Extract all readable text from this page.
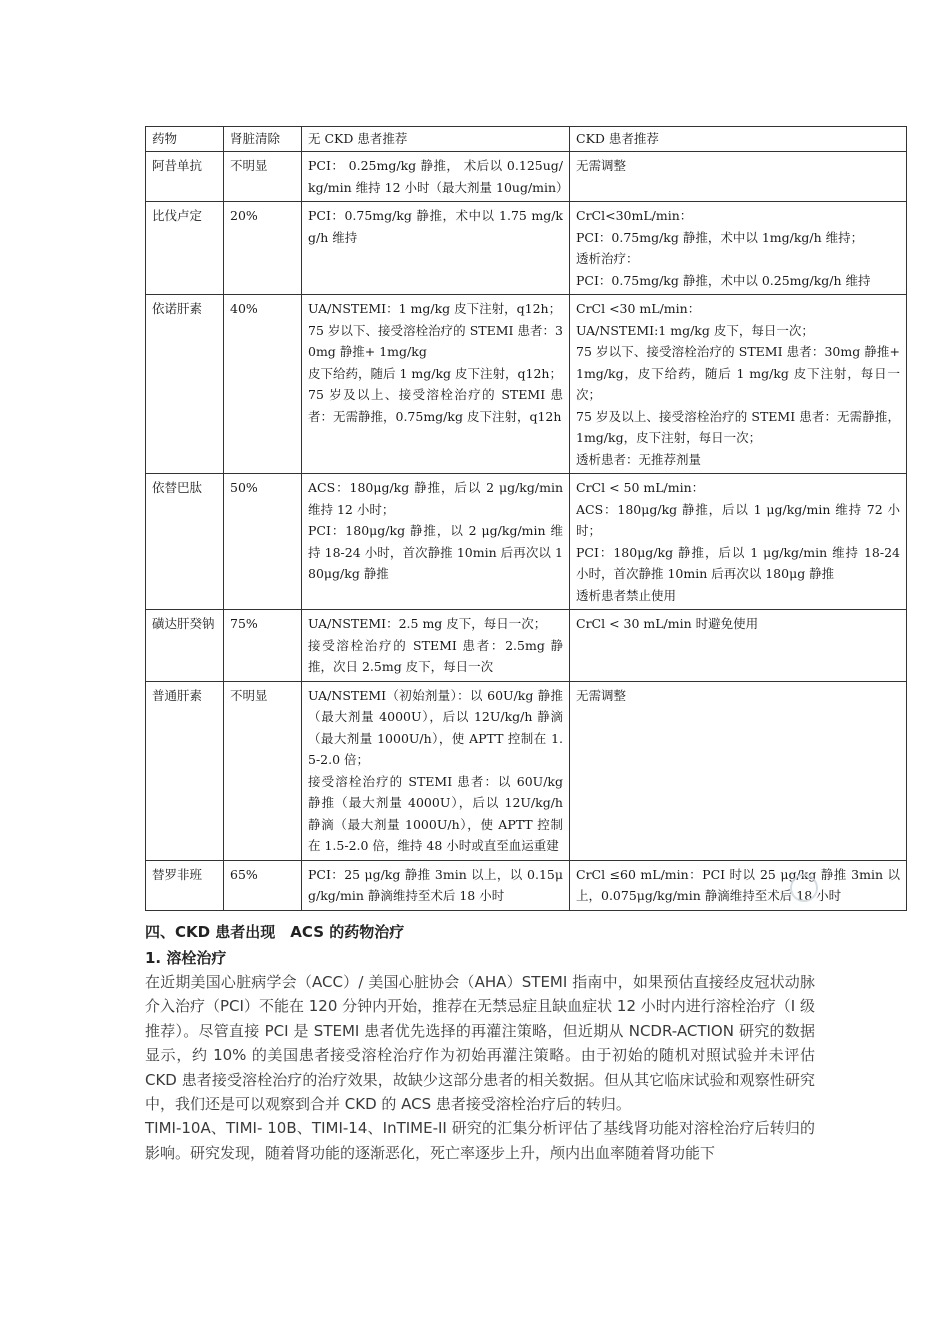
药物	肾脏清除	无 CKD 患者推荐	CKD 患者推荐
阿昔单抗	不明显	PCI： 0.25mg/kg 静推， 术后以 0.125ug/kg/min 维持 12 小时（最大剂量 10ug/min）	无需调整

比伐卢定	20%	PCI：0.75mg/kg 静推，术中以 1.75 mg/kg/h 维持	CrCl<30mL/min：
PCI：0.75mg/kg 静推，术中以 1mg/kg/h 维持；
透析治疗：
PCI：0.75mg/kg 静推，术中以 0.25mg/kg/h 维持

依诺肝素	40%	UA/NSTEMI：1 mg/kg 皮下注射，q12h；
75 岁以下、接受溶栓治疗的 STEMI 患者：30mg 静推+ 1mg/kg
皮下给药，随后 1 mg/kg 皮下注射，q12h；
75 岁及以上、接受溶栓治疗的 STEMI 患者：无需静推，0.75mg/kg 皮下注射，q12h	CrCl <30 mL/min：
UA/NSTEMI:1 mg/kg 皮下，每日一次；
75 岁以下、接受溶栓治疗的 STEMI 患者：30mg 静推+ 1mg/kg，皮下给药，随后 1 mg/kg 皮下注射，每日一次；
75 岁及以上、接受溶栓治疗的 STEMI 患者：无需静推，1mg/kg，皮下注射，每日一次；
透析患者：无推荐剂量

依替巴肽	50%	ACS：180μg/kg 静推，后以 2 μg/kg/min 维持 12 小时；
PCI：180μg/kg 静推，以 2 μg/kg/min 维持 18-24 小时，首次静推 10min 后再次以 180μg/kg 静推	CrCl < 50 mL/min：
ACS：180μg/kg 静推，后以 1 μg/kg/min 维持 72 小时；
PCI：180μg/kg 静推，后以 1 μg/kg/min 维持 18-24 小时，首次静推 10min 后再次以 180μg 静推
透析患者禁止使用

磺达肝癸钠	75%	UA/NSTEMI：2.5 mg 皮下，每日一次；
接受溶栓治疗的 STEMI 患者：2.5mg 静推，次日 2.5mg 皮下，每日一次	CrCl < 30 mL/min 时避免使用

普通肝素	不明显	UA/NSTEMI（初始剂量）：以 60U/kg 静推（最大剂量 4000U），后以 12U/kg/h 静滴（最大剂量 1000U/h），使 APTT 控制在 1.5-2.0 倍；
接受溶栓治疗的 STEMI 患者：以 60U/kg 静推（最大剂量 4000U），后以 12U/kg/h 静滴（最大剂量 1000U/h），使 APTT 控制在 1.5-2.0 倍，维持 48 小时或直至血运重建	无需调整

替罗非班	65%	PCI：25 μg/kg 静推 3min 以上，以 0.15μg/kg/min 静滴维持至术后 18 小时	CrCl ≤60 mL/min：PCI 时以 25 μg/kg 静推 3min 以上，0.075μg/kg/min 静滴维持至术后 18 小时

四、CKD 患者出现　ACS 的药物治疗

1. 溶栓治疗

在近期美国心脏病学会（ACC）/ 美国心脏协会（AHA）STEMI 指南中，如果预估直接经皮冠状动脉介入治疗（PCI）不能在 120 分钟内开始，推荐在无禁忌症且缺血症状 12 小时内进行溶栓治疗（I 级推荐）。尽管直接 PCI 是 STEMI 患者优先选择的再灌注策略，但近期从 NCDR-ACTION 研究的数据显示，约 10% 的美国患者接受溶栓治疗作为初始再灌注策略。由于初始的随机对照试验并未评估 CKD 患者接受溶栓治疗的治疗效果，故缺少这部分患者的相关数据。但从其它临床试验和观察性研究中，我们还是可以观察到合并 CKD 的 ACS 患者接受溶栓治疗后的转归。

TIMI-10A、TIMI- 10B、TIMI-14、InTIME-II 研究的汇集分析评估了基线肾功能对溶栓治疗后转归的影响。研究发现，随着肾功能的逐渐恶化，死亡率逐步上升，颅内出血率随着肾功能下
